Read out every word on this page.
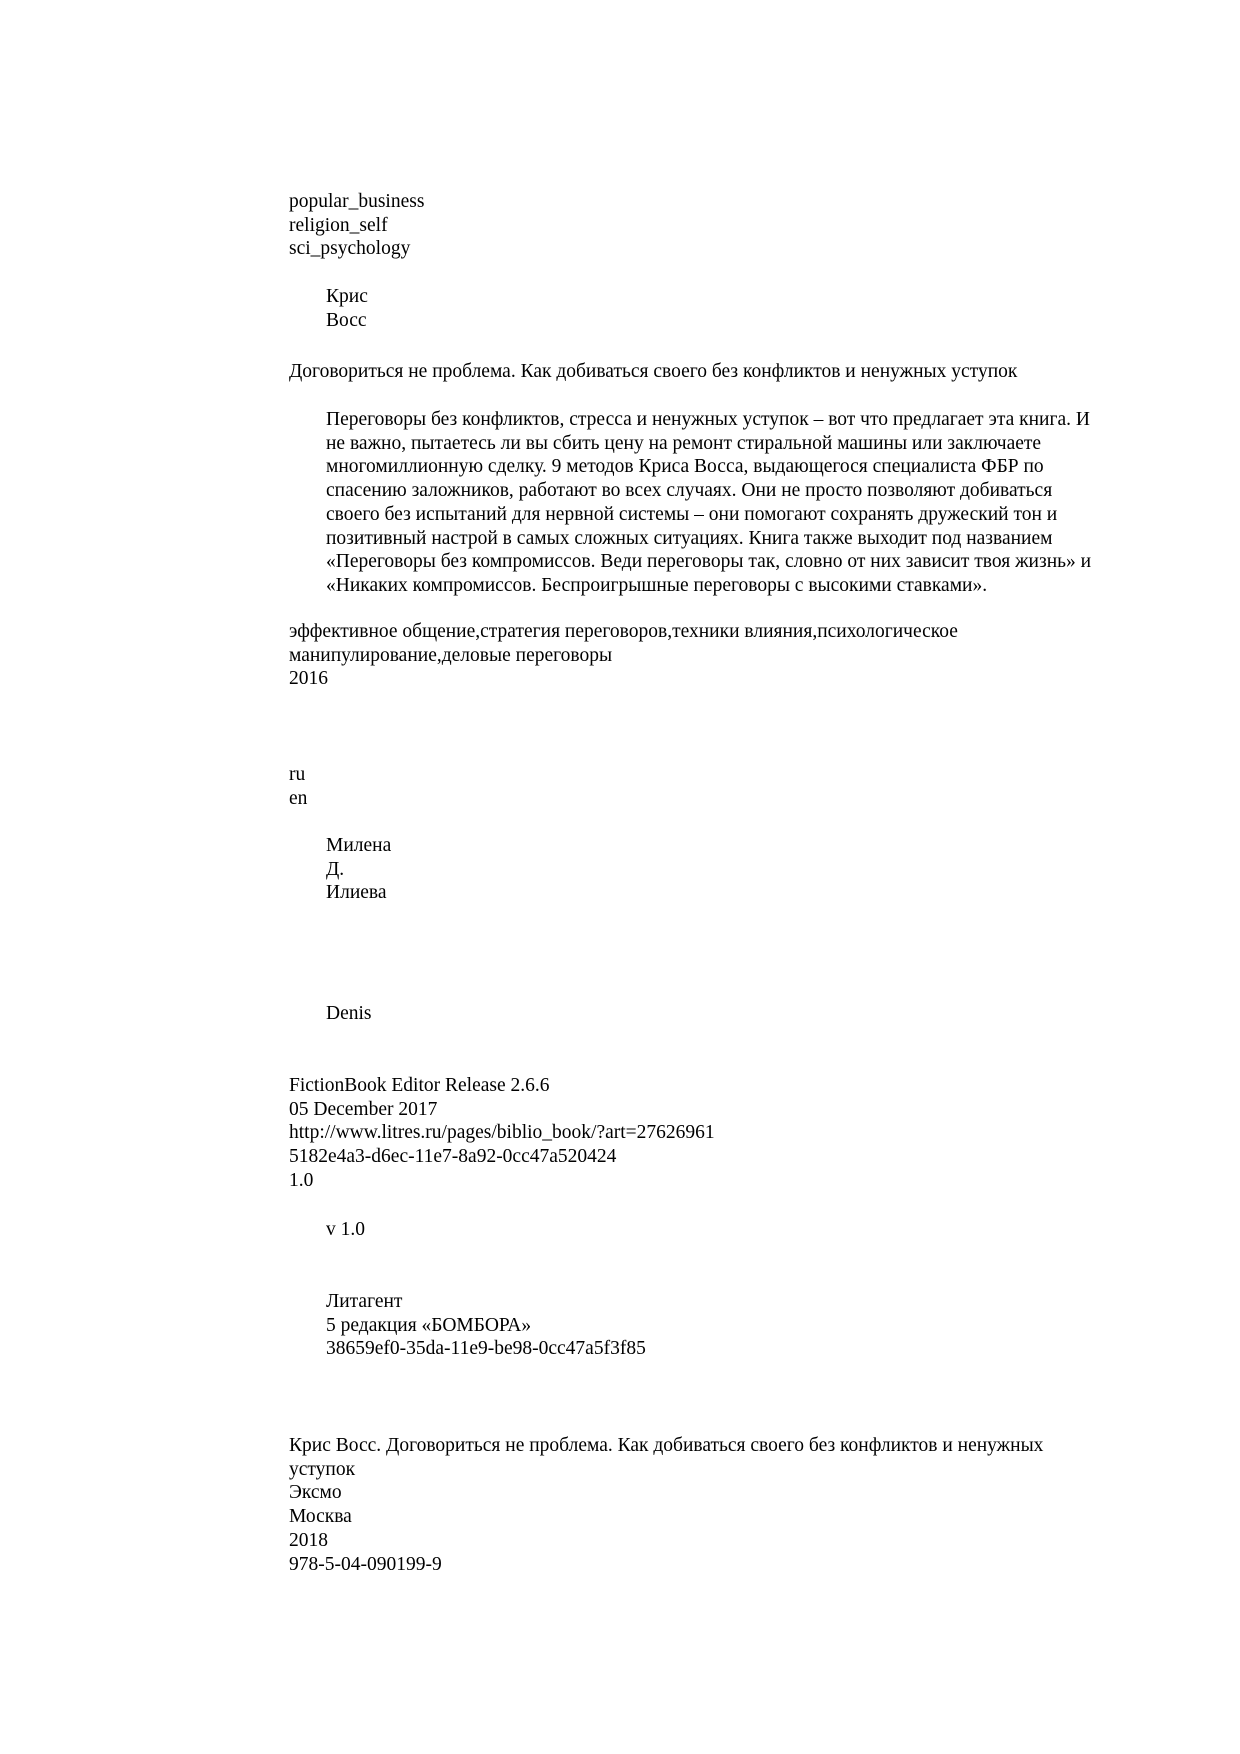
popular_business
religion_self
sci_psychology
Крис
Восс
Договориться не проблема. Как добиваться своего без конфликтов и ненужных уступок
Переговоры без конфликтов, стресса и ненужных уступок – вот что предлагает эта книга. И
не важно, пытаетесь ли вы сбить цену на ремонт стиральной машины или заключаете
многомиллионную сделку. 9 методов Криса Восса, выдающегося специалиста ФБР по
спасению заложников, работают во всех случаях. Они не просто позволяют добиваться
своего без испытаний для нервной системы – они помогают сохранять дружеский тон и
позитивный настрой в самых сложных ситуациях. Книга также выходит под названием
«Переговоры без компромиссов. Веди переговоры так, словно от них зависит твоя жизнь» и
«Никаких компромиссов. Беспроигрышные переговоры с высокими ставками».
эффективное общение,стратегия переговоров,техники влияния,психологическое
манипулирование,деловые переговоры
2016
ru
en
Милена
Д.
Илиева
Denis
FictionBook Editor Release 2.6.6
05 December 2017
http://www.litres.ru/pages/biblio_book/?art=27626961
5182e4a3-d6ec-11e7-8a92-0cc47a520424
1.0
v 1.0
Литагент
5 редакция «БОМБОРА»
38659ef0-35da-11e9-be98-0cc47a5f3f85
Крис Восс. Договориться не проблема. Как добиваться своего без конфликтов и ненужных
уступок
Эксмо
Москва
2018
978-5-04-090199-9
